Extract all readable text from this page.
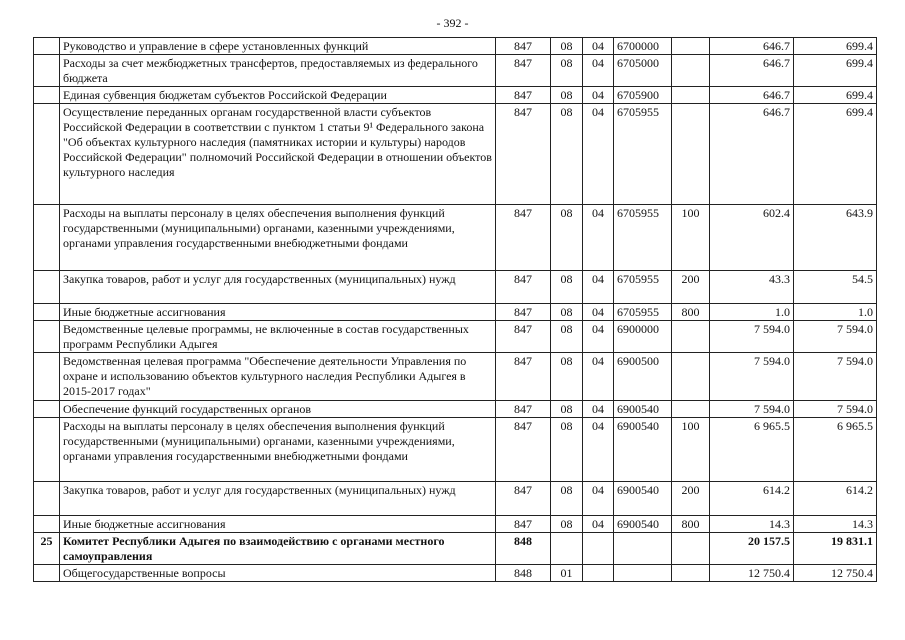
- 392 -
	Руководство и управление в сфере установленных функций	847	08	04	6700000		646.7	699.4
	Расходы за счет межбюджетных трансфертов, предоставляемых из федерального бюджета	847	08	04	6705000		646.7	699.4
	Единая субвенция бюджетам субъектов Российской Федерации	847	08	04	6705900		646.7	699.4
	Осуществление переданных органам государственной власти субъектов Российской Федерации в соответствии с пунктом 1 статьи 9¹ Федерального закона "Об объектах культурного наследия (памятниках истории и культуры) народов Российской Федерации" полномочий Российской Федерации в отношении объектов культурного наследия	847	08	04	6705955		646.7	699.4
	Расходы на выплаты персоналу в целях обеспечения выполнения функций государственными (муниципальными) органами, казенными учреждениями, органами управления государственными внебюджетными фондами	847	08	04	6705955	100	602.4	643.9
	Закупка товаров, работ и услуг для государственных (муниципальных) нужд	847	08	04	6705955	200	43.3	54.5
	Иные бюджетные ассигнования	847	08	04	6705955	800	1.0	1.0
	Ведомственные целевые программы, не включенные в состав государственных программ Республики Адыгея	847	08	04	6900000		7 594.0	7 594.0
	Ведомственная целевая программа "Обеспечение деятельности Управления по охране и использованию объектов культурного наследия Республики Адыгея в 2015-2017 годах"	847	08	04	6900500		7 594.0	7 594.0
	Обеспечение функций государственных органов	847	08	04	6900540		7 594.0	7 594.0
	Расходы на выплаты персоналу в целях обеспечения выполнения функций государственными (муниципальными) органами, казенными учреждениями, органами управления государственными внебюджетными фондами	847	08	04	6900540	100	6 965.5	6 965.5
	Закупка товаров, работ и услуг для государственных (муниципальных) нужд	847	08	04	6900540	200	614.2	614.2
	Иные бюджетные ассигнования	847	08	04	6900540	800	14.3	14.3
25	Комитет Республики Адыгея по взаимодействию с органами местного самоуправления	848					20 157.5	19 831.1
	Общегосударственные вопросы	848	01				12 750.4	12 750.4
